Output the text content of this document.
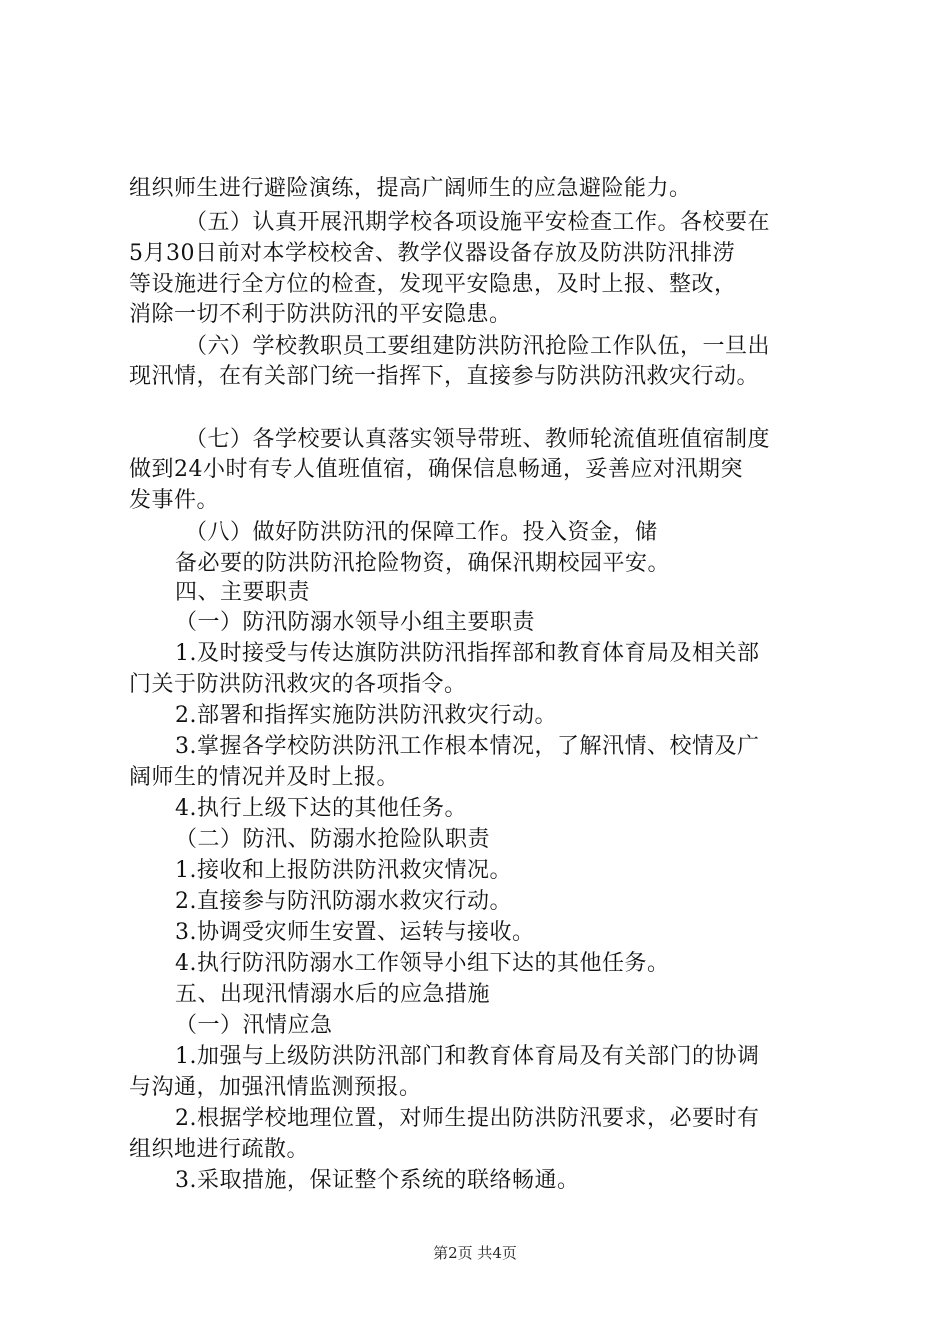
组织师生进行避险演练，提高广阔师生的应急避险能力。
（五）认真开展汛期学校各项设施平安检查工作。各校要在
5月30日前对本学校校舍、教学仪器设备存放及防洪防汛排涝
等设施进行全方位的检查，发现平安隐患，及时上报、整改，
消除一切不利于防洪防汛的平安隐患。
（六）学校教职员工要组建防洪防汛抢险工作队伍，一旦出
现汛情，在有关部门统一指挥下，直接参与防洪防汛救灾行动。
（七）各学校要认真落实领导带班、教师轮流值班值宿制度
做到24小时有专人值班值宿，确保信息畅通，妥善应对汛期突
发事件。
（八）做好防洪防汛的保障工作。投入资金，储
备必要的防洪防汛抢险物资，确保汛期校园平安。
四、主要职责
（一）防汛防溺水领导小组主要职责
1.及时接受与传达旗防洪防汛指挥部和教育体育局及相关部
门关于防洪防汛救灾的各项指令。
2.部署和指挥实施防洪防汛救灾行动。
3.掌握各学校防洪防汛工作根本情况，了解汛情、校情及广
阔师生的情况并及时上报。
4.执行上级下达的其他任务。
（二）防汛、防溺水抢险队职责
1.接收和上报防洪防汛救灾情况。
2.直接参与防汛防溺水救灾行动。
3.协调受灾师生安置、运转与接收。
4.执行防汛防溺水工作领导小组下达的其他任务。
五、出现汛情溺水后的应急措施
（一）汛情应急
1.加强与上级防洪防汛部门和教育体育局及有关部门的协调
与沟通，加强汛情监测预报。
2.根据学校地理位置，对师生提出防洪防汛要求，必要时有
组织地进行疏散。
3.采取措施，保证整个系统的联络畅通。
第2页 共4页
